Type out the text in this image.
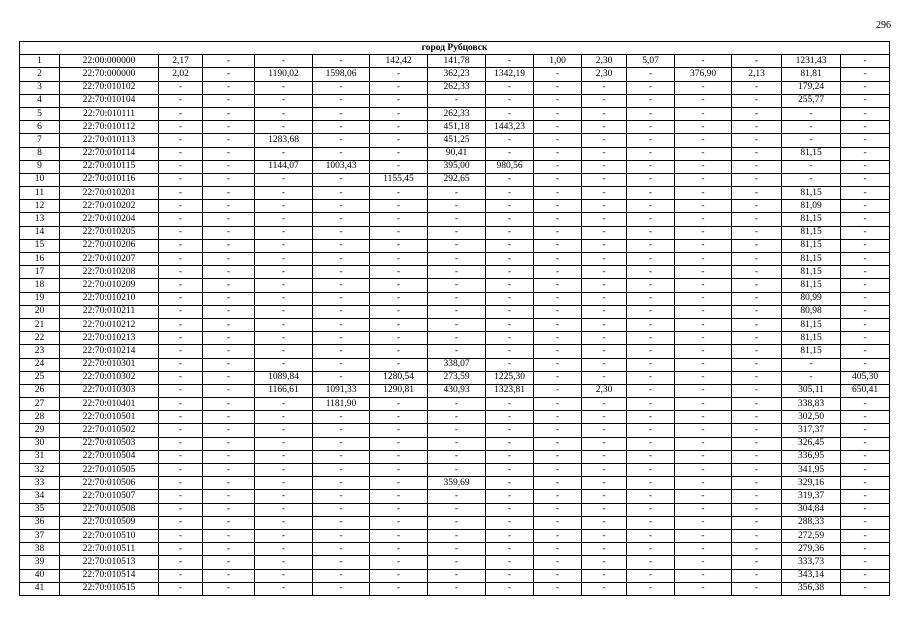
296
город Рубцовск															
1	22:00:000000	2,17	-	-	-	142,42	141,78	-	1,00	2,30	5,07	-	-	1231,43	-
2	22:70:000000	2,02	-	1190,02	1598,06	-	362,23	1342,19	-	2,30	-	376,90	2,13	81,81	-
3	22:70:010102	-	-	-	-	-	262,33	-	-	-	-	-	-	179,24	-
4	22:70:010104	-	-	-	-	-	-	-	-	-	-	-	-	255,77	-
5	22:70:010111	-	-	-	-	-	262,33	-	-	-	-	-	-	-	-
6	22:70:010112	-	-	-	-	-	451,18	1443,23	-	-	-	-	-	-	-
7	22:70:010113	-	-	1283,68	-	-	451,25	-	-	-	-	-	-	-	-
8	22:70:010114	-	-	-	-	-	90,41	-	-	-	-	-	-	81,15	-
9	22:70:010115	-	-	1144,07	1003,43	-	395,00	980,56	-	-	-	-	-	-	-
10	22:70:010116	-	-	-	-	1155,45	292,65	-	-	-	-	-	-	-	-
11	22:70:010201	-	-	-	-	-	-	-	-	-	-	-	-	81,15	-
12	22:70:010202	-	-	-	-	-	-	-	-	-	-	-	-	81,09	-
13	22:70:010204	-	-	-	-	-	-	-	-	-	-	-	-	81,15	-
14	22:70:010205	-	-	-	-	-	-	-	-	-	-	-	-	81,15	-
15	22:70:010206	-	-	-	-	-	-	-	-	-	-	-	-	81,15	-
16	22:70:010207	-	-	-	-	-	-	-	-	-	-	-	-	81,15	-
17	22:70:010208	-	-	-	-	-	-	-	-	-	-	-	-	81,15	-
18	22:70:010209	-	-	-	-	-	-	-	-	-	-	-	-	81,15	-
19	22:70:010210	-	-	-	-	-	-	-	-	-	-	-	-	80,99	-
20	22:70:010211	-	-	-	-	-	-	-	-	-	-	-	-	80,98	-
21	22:70:010212	-	-	-	-	-	-	-	-	-	-	-	-	81,15	-
22	22:70:010213	-	-	-	-	-	-	-	-	-	-	-	-	81,15	-
23	22:70:010214	-	-	-	-	-	-	-	-	-	-	-	-	81,15	-
24	22:70:010301	-	-	-	-	-	338,07	-	-	-	-	-	-	-	-
25	22:70:010302	-	-	1089,84	-	1280,54	273,59	1225,30	-	-	-	-	-	-	405,30
26	22:70:010303	-	-	1166,61	1091,33	1290,81	430,93	1323,81	-	2,30	-	-	-	305,11	650,41
27	22:70:010401	-	-	-	1181,90	-	-	-	-	-	-	-	-	338,83	-
28	22:70:010501	-	-	-	-	-	-	-	-	-	-	-	-	302,50	-
29	22:70:010502	-	-	-	-	-	-	-	-	-	-	-	-	317,37	-
30	22:70:010503	-	-	-	-	-	-	-	-	-	-	-	-	326,45	-
31	22:70:010504	-	-	-	-	-	-	-	-	-	-	-	-	336,95	-
32	22:70:010505	-	-	-	-	-	-	-	-	-	-	-	-	341,95	-
33	22:70:010506	-	-	-	-	-	359,69	-	-	-	-	-	-	329,16	-
34	22:70:010507	-	-	-	-	-	-	-	-	-	-	-	-	319,37	-
35	22:70:010508	-	-	-	-	-	-	-	-	-	-	-	-	304,84	-
36	22:70:010509	-	-	-	-	-	-	-	-	-	-	-	-	288,33	-
37	22:70:010510	-	-	-	-	-	-	-	-	-	-	-	-	272,59	-
38	22:70:010511	-	-	-	-	-	-	-	-	-	-	-	-	279,36	-
39	22:70:010513	-	-	-	-	-	-	-	-	-	-	-	-	333,73	-
40	22:70:010514	-	-	-	-	-	-	-	-	-	-	-	-	343,14	-
41	22:70:010515	-	-	-	-	-	-	-	-	-	-	-	-	356,38	-
